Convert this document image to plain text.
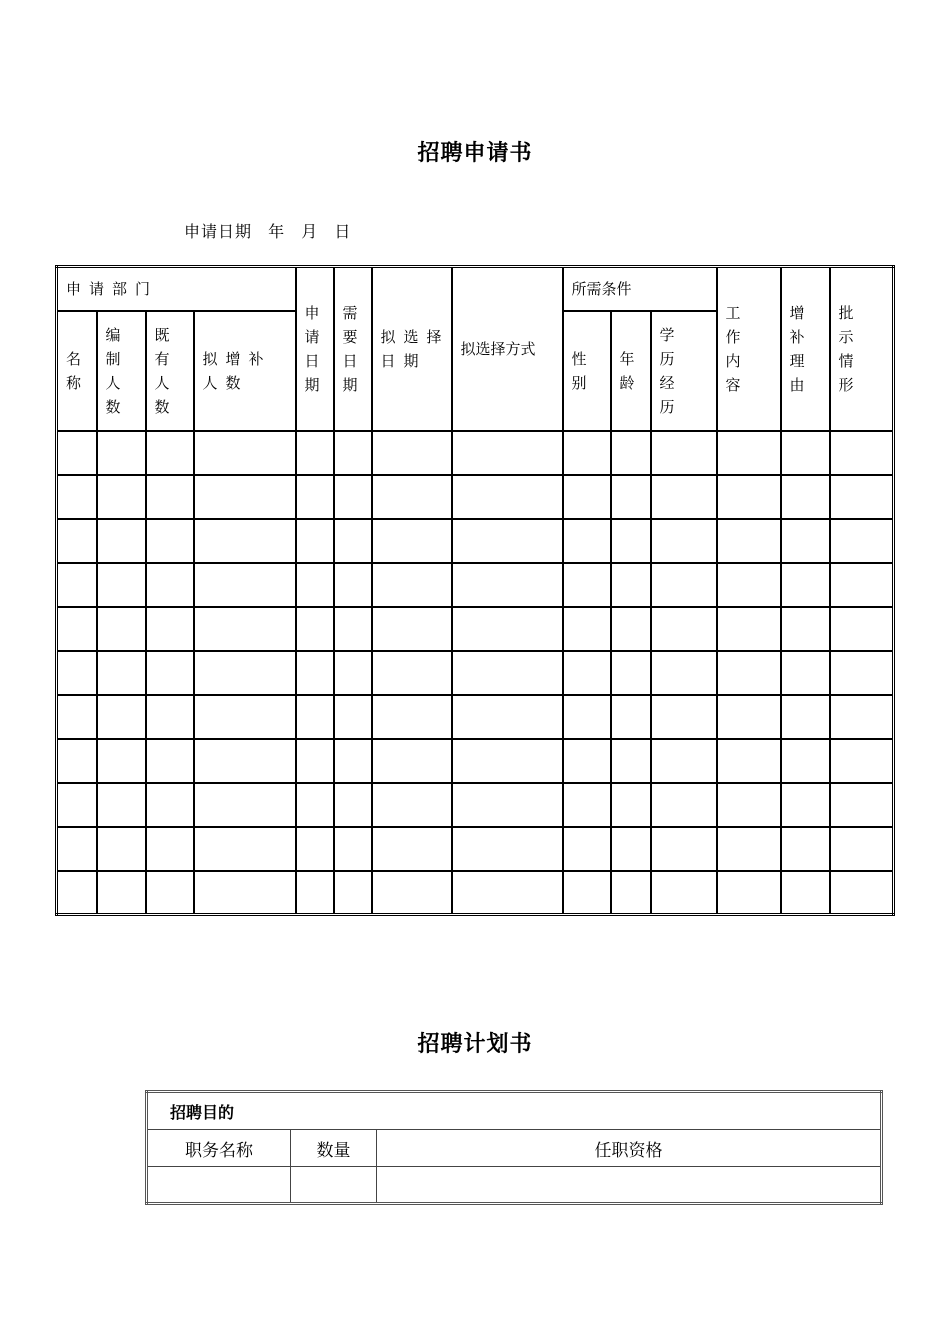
招聘申请书
申请日期 年 月 日
申请部门				申请日期	需要日期	拟选择日期	拟选择方式	所需条件			工作内容	增补理由	批示情形

名称	编制人数	既有人数	拟增补人数					性别	年龄	学历经历			

招聘计划书
招聘目的		
职务名称	数量	任职资格
